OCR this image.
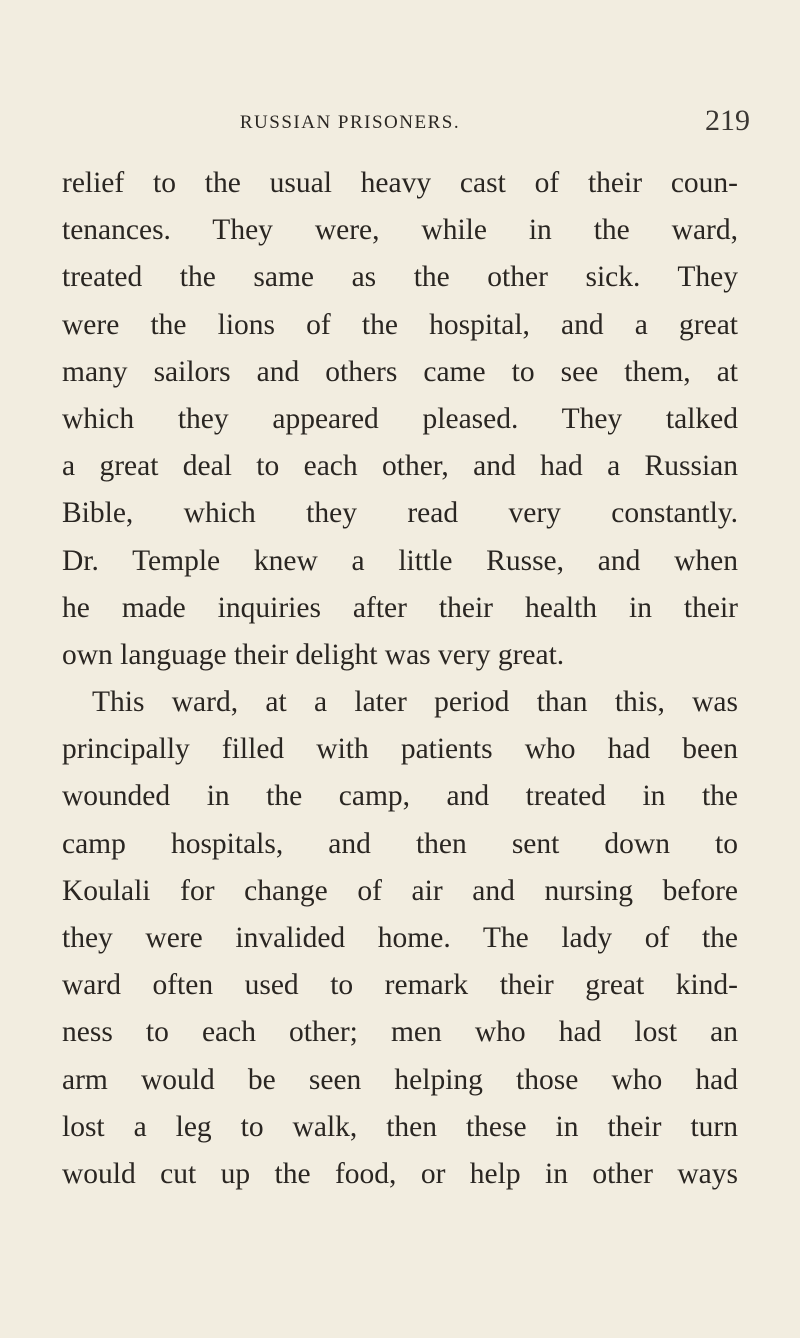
RUSSIAN PRISONERS.	219
relief to the usual heavy cast of their coun-
tenances. They were, while in the ward,
treated the same as the other sick. They
were the lions of the hospital, and a great
many sailors and others came to see them, at
which they appeared pleased. They talked
a great deal to each other, and had a Russian
Bible, which they read very constantly.
Dr. Temple knew a little Russe, and when
he made inquiries after their health in their
own language their delight was very great.
This ward, at a later period than this, was
principally filled with patients who had been
wounded in the camp, and treated in the
camp hospitals, and then sent down to
Koulali for change of air and nursing before
they were invalided home. The lady of the
ward often used to remark their great kind-
ness to each other; men who had lost an
arm would be seen helping those who had
lost a leg to walk, then these in their turn
would cut up the food, or help in other ways
